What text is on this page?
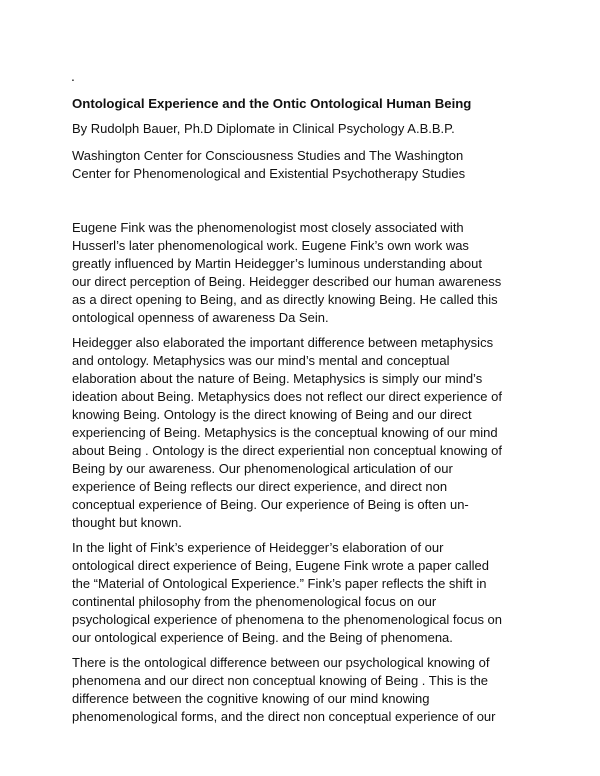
.
Ontological Experience and the Ontic Ontological Human Being
By Rudolph Bauer, Ph.D Diplomate in Clinical Psychology A.B.B.P.
Washington Center for Consciousness Studies and The Washington
Center for Phenomenological and Existential Psychotherapy Studies
Eugene Fink was the phenomenologist most closely associated with
Husserl’s later phenomenological work. Eugene Fink’s own work was
greatly influenced by Martin Heidegger’s luminous understanding about
our direct perception of Being. Heidegger described our human awareness
as a direct opening to Being, and as directly knowing Being. He called this
ontological openness of awareness Da Sein.
Heidegger also elaborated the important difference between metaphysics
and ontology. Metaphysics was our mind’s mental and conceptual
elaboration about the nature of Being. Metaphysics is simply our mind’s
ideation about Being. Metaphysics does not reflect our direct experience of
knowing Being. Ontology is the direct knowing of Being and our direct
experiencing of Being. Metaphysics is the conceptual knowing of our mind
about Being . Ontology is the direct experiential non conceptual knowing of
Being by our awareness. Our phenomenological articulation of our
experience of Being reflects our direct experience, and direct non
conceptual experience of Being. Our experience of Being is often un-
thought but known.
In the light of Fink’s experience of Heidegger’s elaboration of our
ontological direct experience of Being, Eugene Fink wrote a paper called
the “Material of Ontological Experience.” Fink’s paper reflects the shift in
continental philosophy from the phenomenological focus on our
psychological experience of phenomena to the phenomenological focus on
our ontological experience of Being. and the Being of phenomena.
There is the ontological difference between our psychological knowing of
phenomena and our direct non conceptual knowing of Being . This is the
difference between the cognitive knowing of our mind knowing
phenomenological forms, and the direct non conceptual experience of our
